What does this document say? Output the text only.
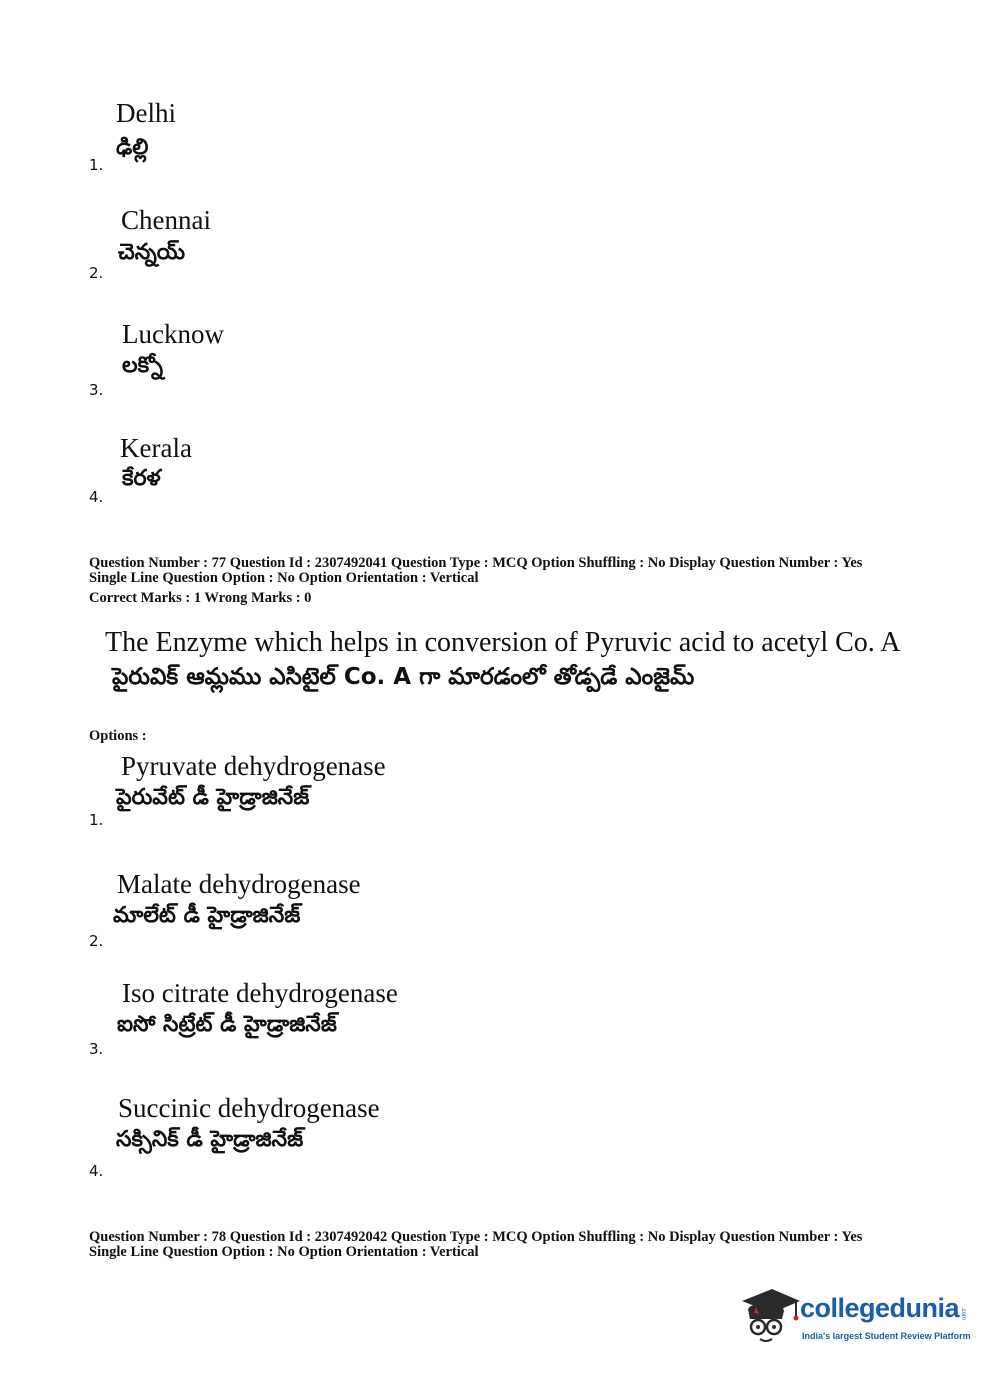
Delhi
ఢిల్లి
1.
Chennai
చెన్నయ్
2.
Lucknow
లక్నో
3.
Kerala
కేరళ
4.
Question Number : 77 Question Id : 2307492041 Question Type : MCQ Option Shuffling : No Display Question Number : Yes
Single Line Question Option : No Option Orientation : Vertical
Correct Marks : 1 Wrong Marks : 0
The Enzyme which helps in conversion of Pyruvic acid to acetyl Co. A
పైరువిక్ ఆమ్లము ఎసిటైల్ Co. A గా మారడంలో తోడ్పడే ఎంజైమ్
Options :
Pyruvate dehydrogenase
పైరువేట్ డీ హైడ్రాజినేజ్
1.
Malate dehydrogenase
మాలేట్ డీ హైడ్రాజినేజ్
2.
Iso citrate dehydrogenase
ఐసో సిట్రేట్ డీ హైడ్రాజినేజ్
3.
Succinic dehydrogenase
సక్సినిక్ డీ హైడ్రాజినేజ్
4.
Question Number : 78 Question Id : 2307492042 Question Type : MCQ Option Shuffling : No Display Question Number : Yes
Single Line Question Option : No Option Orientation : Vertical
collegedunia .com
India's largest Student Review Platform
